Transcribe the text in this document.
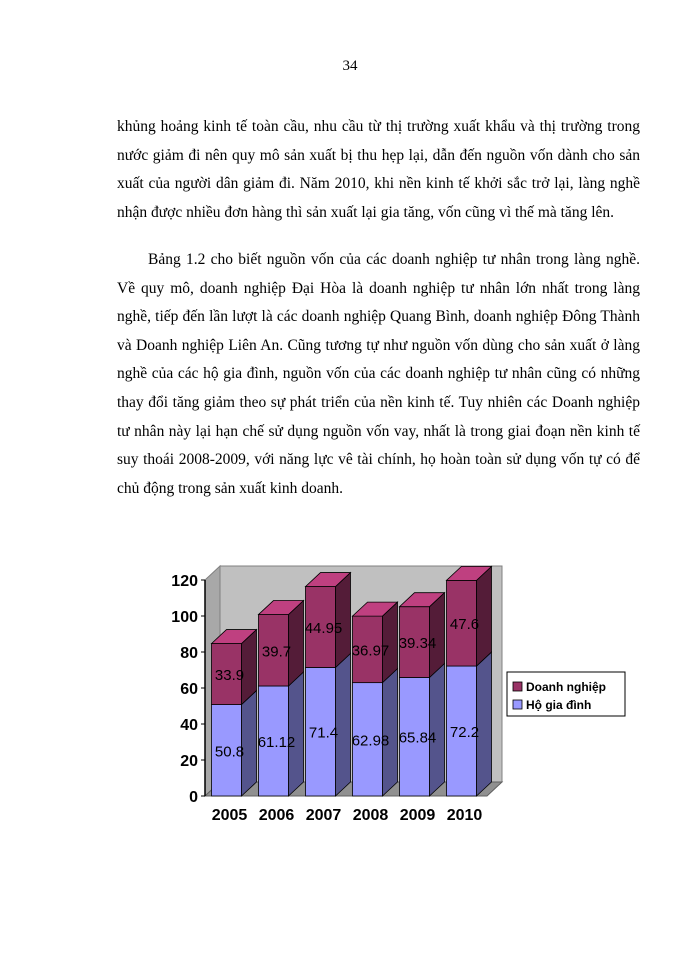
34

khủng hoảng kinh tế toàn cầu, nhu cầu từ thị trường xuất khẩu và thị trường trong nước giảm đi nên quy mô sản xuất bị thu hẹp lại, dẫn đến nguồn vốn dành cho sản xuất của người dân giảm đi. Năm 2010, khi nền kinh tế khởi sắc trở lại, làng nghề nhận được nhiều đơn hàng thì sản xuất lại gia tăng, vốn cũng vì thế mà tăng lên.

Bảng 1.2 cho biết nguồn vốn của các doanh nghiệp tư nhân trong làng nghề. Về quy mô, doanh nghiệp Đại Hòa là doanh nghiệp tư nhân lớn nhất trong làng nghề, tiếp đến lần lượt là các doanh nghiệp Quang Bình, doanh nghiệp Đông Thành và Doanh nghiệp Liên An. Cũng tương tự như nguồn vốn dùng cho sản xuất ở làng nghề của các hộ gia đình, nguồn vốn của các doanh nghiệp tư nhân cũng có những thay đổi tăng giảm theo sự phát triển của nền kinh tế. Tuy nhiên các Doanh nghiệp tư nhân này lại hạn chế sử dụng nguồn vốn vay, nhất là trong giai đoạn nền kinh tế suy thoái 2008-2009, với năng lực vê tài chính, họ hoàn toàn sử dụng vốn tự có để chủ động trong sản xuất kinh doanh.

0
20
40
60
80
100
120
50.8
33.9
2005
61.12
39.7
2006
71.4
44.95
2007
62.98
36.97
2008
65.84
39.34
2009
72.2
47.6
2010
Doanh nghiệp
Hộ gia đình
